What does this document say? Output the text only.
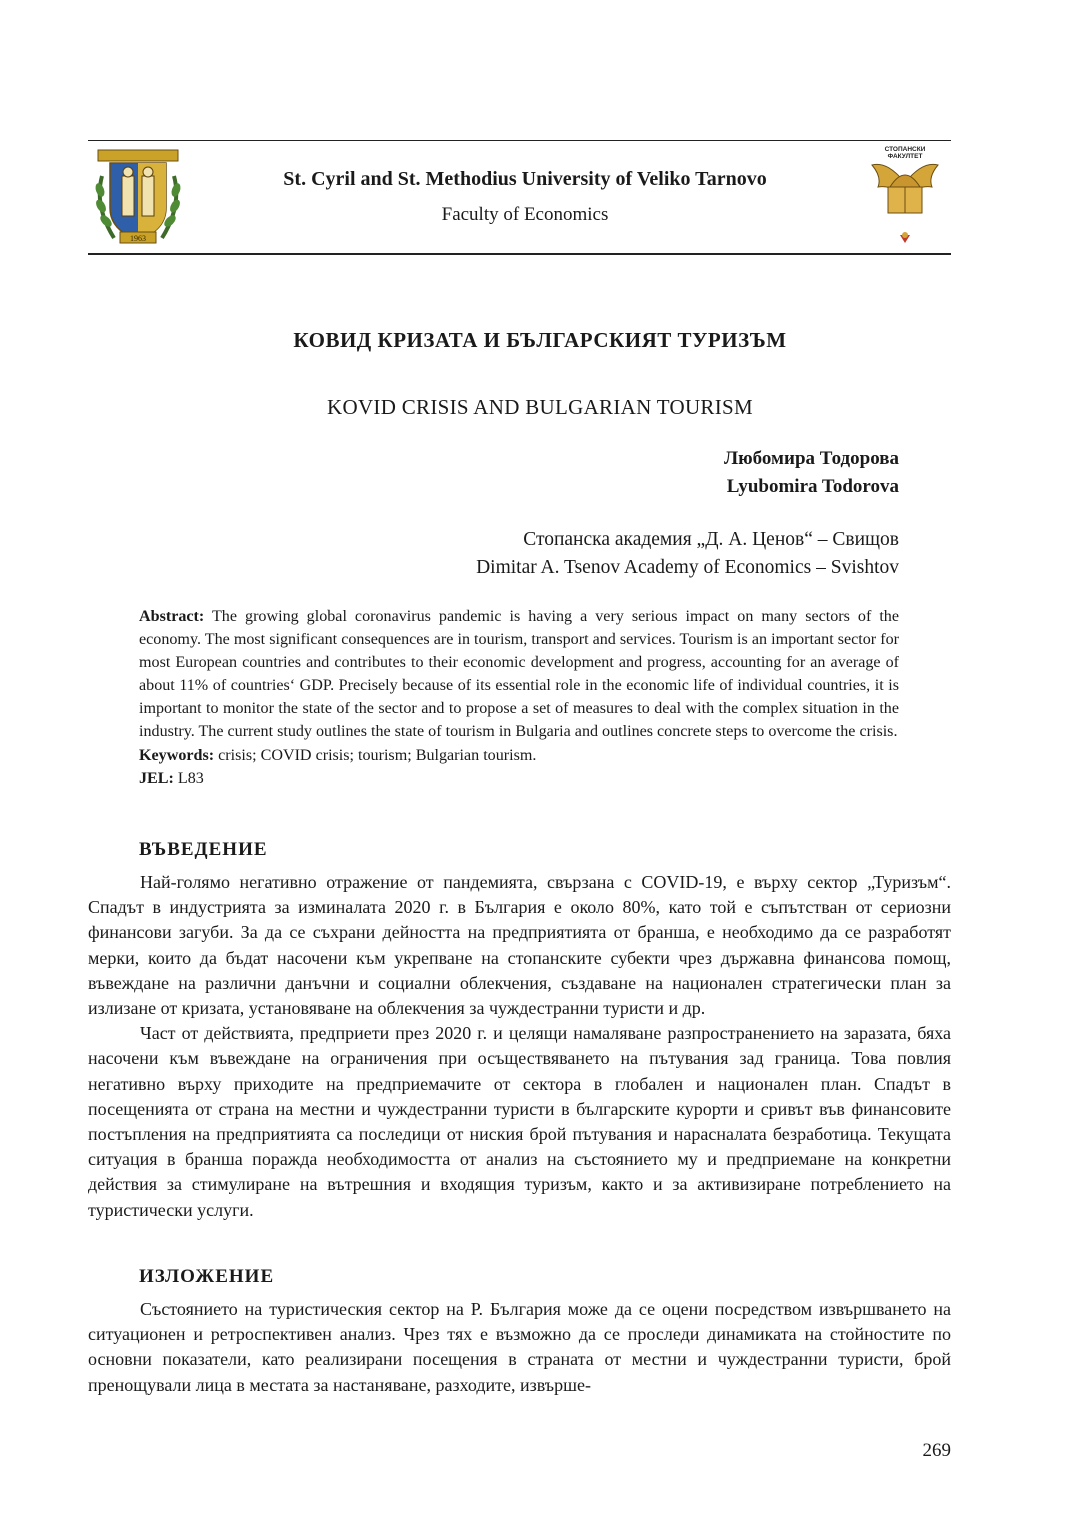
1963
St. Cyril and St. Methodius University of Veliko Tarnovo
Faculty of Economics
СТОПАНСКИ
ФАКУЛТЕТ
КОВИД КРИЗАТА И БЪЛГАРСКИЯТ ТУРИЗЪМ
KOVID CRISIS AND BULGARIAN TOURISM
Любомира Тодорова
Lyubomira Todorova
Стопанска академия „Д. А. Ценов“ – Свищов
Dimitar A. Tsenov Academy of Economics – Svishtov

Abstract: The growing global coronavirus pandemic is having a very serious impact on many sectors of the economy. The most significant consequences are in tourism, transport and services. Tourism is an important sector for most European countries and contributes to their economic development and progress, accounting for an average of about 11% of countries‘ GDP. Precisely because of its essential role in the economic life of individual countries, it is important to monitor the state of the sector and to propose a set of measures to deal with the complex situation in the industry. The current study outlines the state of tourism in Bulgaria and outlines concrete steps to overcome the crisis.

Keywords: crisis; COVID crisis; tourism; Bulgarian tourism.

JEL: L83

ВЪВЕДЕНИЕ

Най-голямо негативно отражение от пандемията, свързана с COVID-19, е върху сектор „Туризъм“. Спадът в индустрията за изминалата 2020 г. в България е около 80%, като той е съпътстван от сериозни финансови загуби. За да се съхрани дейността на предприятията от бранша, е необходимо да се разработят мерки, които да бъдат насочени към укрепване на стопанските субекти чрез държавна финансова помощ, въвеждане на различни данъчни и социални облекчения, създаване на национален стратегически план за излизане от кризата, установяване на облекчения за чуждестранни туристи и др.

Част от действията, предприети през 2020 г. и целящи намаляване разпространението на заразата, бяха насочени към въвеждане на ограничения при осъществяването на пътувания зад граница. Това повлия негативно върху приходите на предприемачите от сектора в глобален и национален план. Спадът в посещенията от страна на местни и чуждестранни туристи в българските курорти и сривът във финансовите постъпления на предприятията са последици от ниския брой пътувания и нарасналата безработица. Текущата ситуация в бранша поражда необходимостта от анализ на състоянието му и предприемане на конкретни действия за стимулиране на вътрешния и входящия туризъм, както и за активизиране потреблението на туристически услуги.

ИЗЛОЖЕНИЕ

Състоянието на туристическия сектор на Р. България може да се оцени посредством извършването на ситуационен и ретроспективен анализ. Чрез тях е възможно да се проследи динамиката на стойностите по основни показатели, като реализирани посещения в страната от местни и чуждестранни туристи, брой пренощували лица в местата за настаняване, разходите, извърше-

269
